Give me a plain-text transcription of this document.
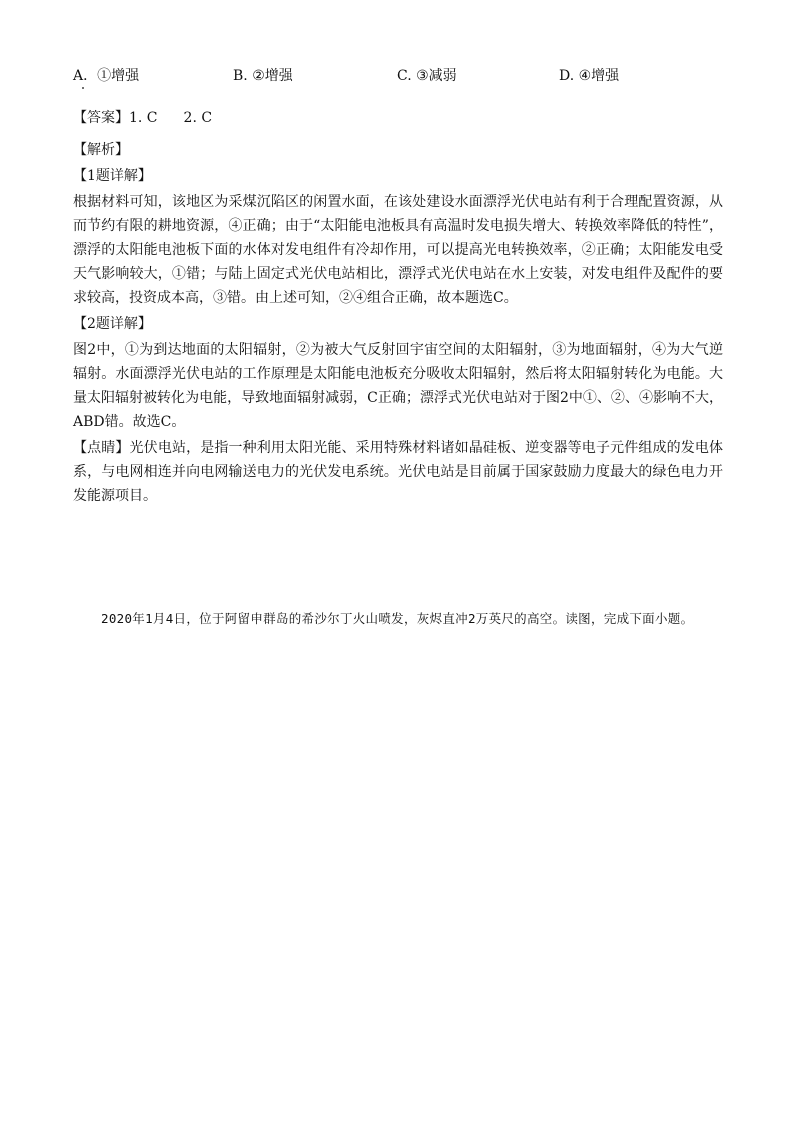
A．①增强	B. ②增强	C. ③减弱	D. ④增强
【答案】1. C 2. C
【解析】
【1题详解】

根据材料可知，该地区为采煤沉陷区的闲置水面，在该处建设水面漂浮光伏电站有利于合理配置资源，从而节约有限的耕地资源，④正确；由于“太阳能电池板具有高温时发电损失增大、转换效率降低的特性”，漂浮的太阳能电池板下面的水体对发电组件有冷却作用，可以提高光电转换效率，②正确；太阳能发电受天气影响较大，①错；与陆上固定式光伏电站相比，漂浮式光伏电站在水上安装，对发电组件及配件的要求较高，投资成本高，③错。由上述可知，②④组合正确，故本题选C。

【2题详解】

图2中，①为到达地面的太阳辐射，②为被大气反射回宇宙空间的太阳辐射，③为地面辐射，④为大气逆辐射。水面漂浮光伏电站的工作原理是太阳能电池板充分吸收太阳辐射，然后将太阳辐射转化为电能。大量太阳辐射被转化为电能，导致地面辐射减弱，C正确；漂浮式光伏电站对于图2中①、②、④影响不大，ABD错。故选C。

【点睛】光伏电站，是指一种利用太阳光能、采用特殊材料诸如晶硅板、逆变器等电子元件组成的发电体系，与电网相连并向电网输送电力的光伏发电系统。光伏电站是目前属于国家鼓励力度最大的绿色电力开发能源项目。

2020年1月4日，位于阿留申群岛的希沙尔丁火山喷发，灰烬直冲2万英尺的高空。读图，完成下面小题。
